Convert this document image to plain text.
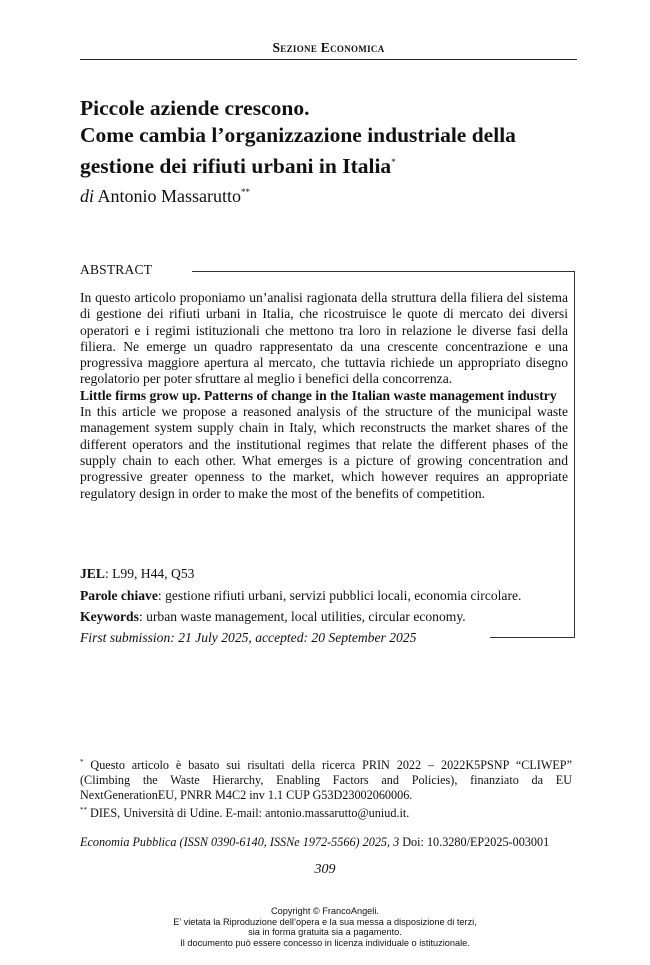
Sezione Economica
Piccole aziende crescono.
Come cambia l’organizzazione industriale della
gestione dei rifiuti urbani in Italia*
di Antonio Massarutto**
ABSTRACT

In questo articolo proponiamo un’analisi ragionata della struttura della filiera del sistema di gestione dei rifiuti urbani in Italia, che ricostruisce le quote di mercato dei diversi operatori e i regimi istituzionali che mettono tra loro in relazione le diverse fasi della filiera. Ne emerge un quadro rappresentato da una crescente concentrazione e una progressiva maggiore apertura al mercato, che tuttavia richiede un appropriato disegno regolatorio per poter sfruttare al meglio i benefici della concorrenza.

Little firms grow up. Patterns of change in the Italian waste management industry

In this article we propose a reasoned analysis of the structure of the municipal waste management system supply chain in Italy, which reconstructs the market shares of the different operators and the institutional regimes that relate the different phases of the supply chain to each other. What emerges is a picture of growing concentration and progressive greater openness to the market, which however requires an appropriate regulatory design in order to make the most of the benefits of competition.

JEL: L99, H44, Q53
Parole chiave: gestione rifiuti urbani, servizi pubblici locali, economia circolare.
Keywords: urban waste management, local utilities, circular economy.
First submission: 21 July 2025, accepted: 20 September 2025

* Questo articolo è basato sui risultati della ricerca PRIN 2022 – 2022K5PSNP “CLIWEP” (Climbing the Waste Hierarchy, Enabling Factors and Policies), finanziato da EU NextGenerationEU, PNRR M4C2 inv 1.1 CUP G53D23002060006.

** DIES, Università di Udine. E-mail: antonio.massarutto@uniud.it.

Economia Pubblica (ISSN 0390-6140, ISSNe 1972-5566) 2025, 3 Doi: 10.3280/EP2025-003001
309
Copyright © FrancoAngeli.
E’ vietata la Riproduzione dell’opera e la sua messa a disposizione di terzi,
sia in forma gratuita sia a pagamento.
Il documento può essere concesso in licenza individuale o istituzionale.
